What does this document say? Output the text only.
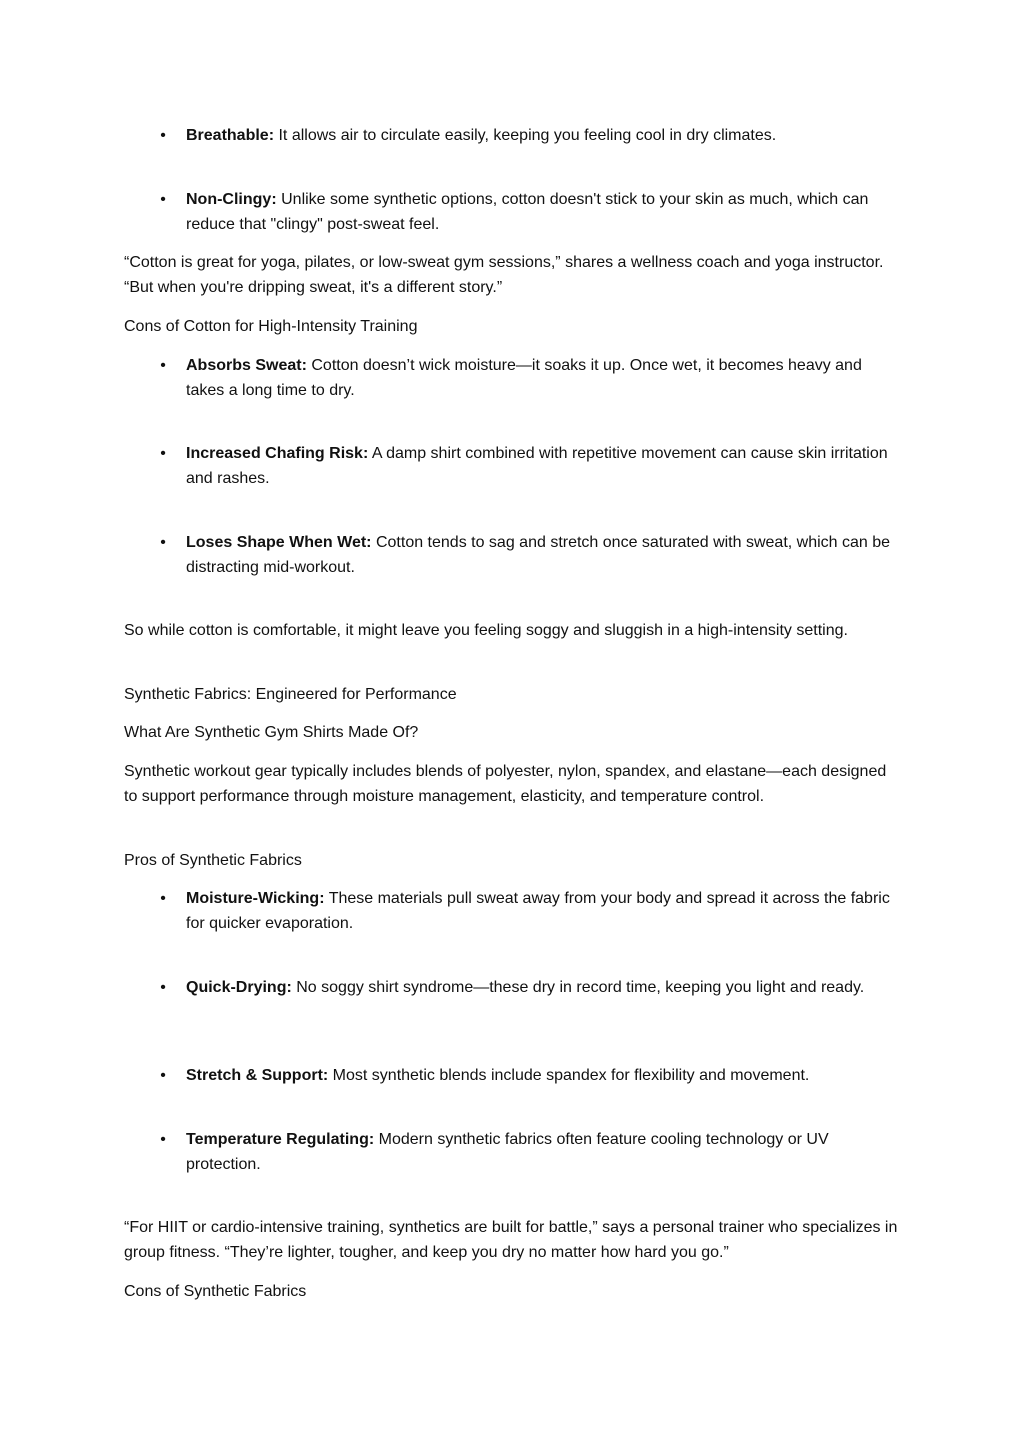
• Breathable: It allows air to circulate easily, keeping you feeling cool in dry climates.
• Non-Clingy: Unlike some synthetic options, cotton doesn't stick to your skin as much, which can reduce that "clingy" post-sweat feel.
“Cotton is great for yoga, pilates, or low-sweat gym sessions,” shares a wellness coach and yoga instructor. “But when you're dripping sweat, it's a different story.”
Cons of Cotton for High-Intensity Training
• Absorbs Sweat: Cotton doesn’t wick moisture—it soaks it up. Once wet, it becomes heavy and takes a long time to dry.
• Increased Chafing Risk: A damp shirt combined with repetitive movement can cause skin irritation and rashes.
• Loses Shape When Wet: Cotton tends to sag and stretch once saturated with sweat, which can be distracting mid-workout.
So while cotton is comfortable, it might leave you feeling soggy and sluggish in a high-intensity setting.
Synthetic Fabrics: Engineered for Performance
What Are Synthetic Gym Shirts Made Of?
Synthetic workout gear typically includes blends of polyester, nylon, spandex, and elastane—each designed to support performance through moisture management, elasticity, and temperature control.
Pros of Synthetic Fabrics
• Moisture-Wicking: These materials pull sweat away from your body and spread it across the fabric for quicker evaporation.
• Quick-Drying: No soggy shirt syndrome—these dry in record time, keeping you light and ready.
• Stretch & Support: Most synthetic blends include spandex for flexibility and movement.
• Temperature Regulating: Modern synthetic fabrics often feature cooling technology or UV protection.
“For HIIT or cardio-intensive training, synthetics are built for battle,” says a personal trainer who specializes in group fitness. “They’re lighter, tougher, and keep you dry no matter how hard you go.”
Cons of Synthetic Fabrics
